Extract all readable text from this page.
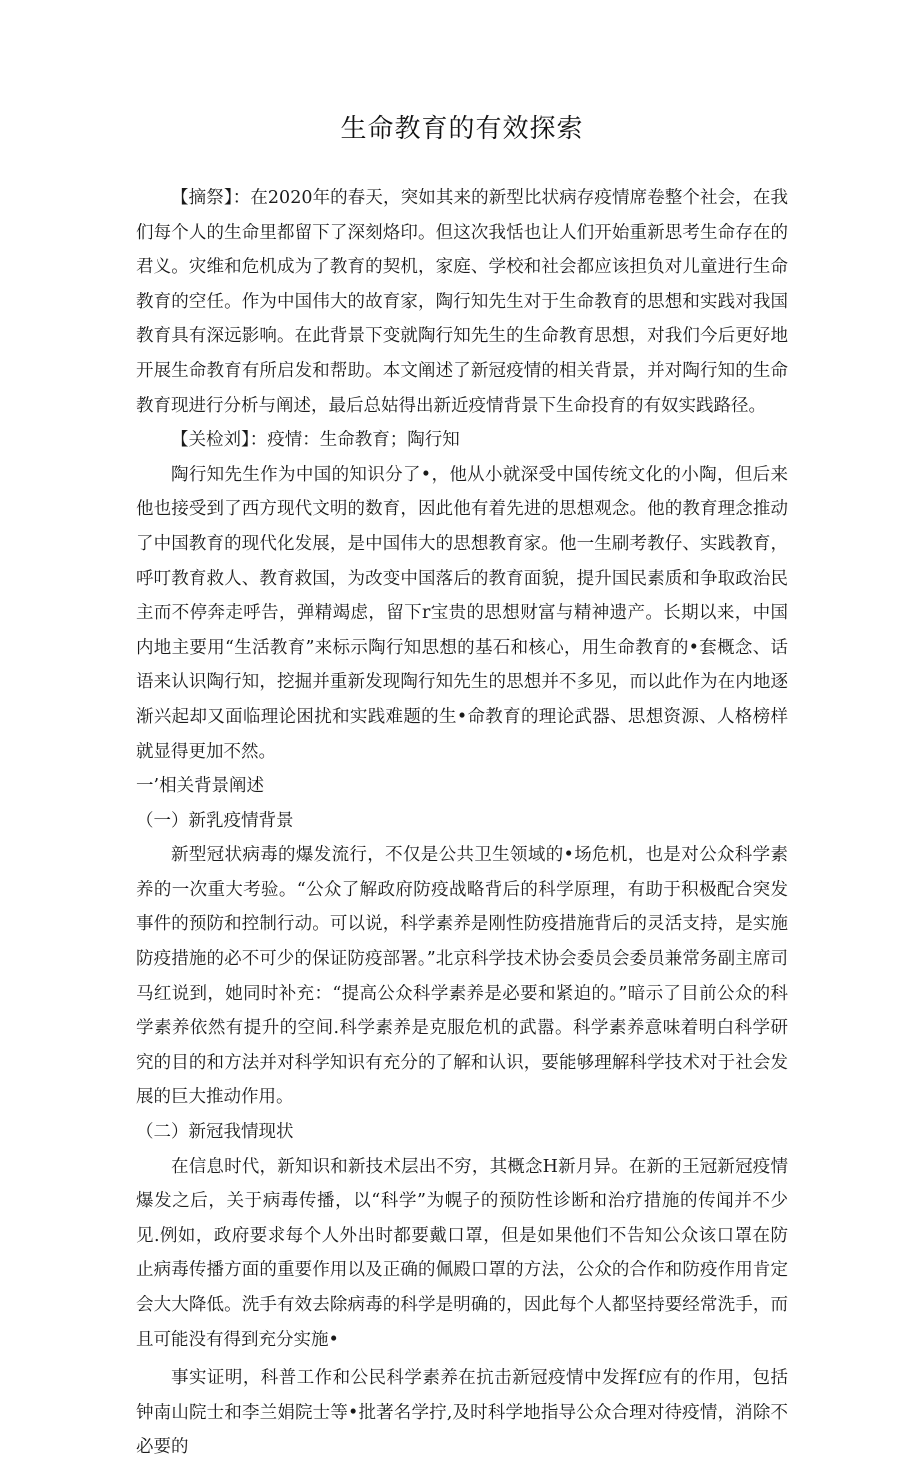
生命教育的有效探索

【摘祭】：在2020年的春天，突如其来的新型比状病存疫情席卷整个社会，在我们每个人的生命里都留下了深刻烙印。但这次我恬也让人们开始重新思考生命存在的君义。灾维和危机成为了教育的契机，家庭、学校和社会都应该担负对儿童进行生命教育的空任。作为中国伟大的故育家，陶行知先生对于生命教育的思想和实践对我国教育具有深远影响。在此背景下变就陶行知先生的生命教育思想，对我们今后更好地开展生命教育有所启发和帮助。本文阐述了新冠疫情的相关背景，并对陶行知的生命教育现进行分析与阐述，最后总姑得出新近疫情背景下生命投育的有奴实践路径。

【关检刘】：疫情：生命教育；陶行知

陶行知先生作为中国的知识分了•，他从小就深受中国传统文化的小陶，但后来他也接受到了西方现代文明的数育，因此他有着先进的思想观念。他的教育理念推动了中国教育的现代化发展，是中国伟大的思想教育家。他一生刷考教仔、实践教育，呼叮教育救人、教育救国，为改变中国落后的教育面貌，提升国民素质和争取政治民主而不停奔走呼告，弹精竭虑，留下r宝贵的思想财富与精神遗产。长期以来，中国内地主要用“生活教育”来标示陶行知思想的基石和核心，用生命教育的•套概念、话语来认识陶行知，挖掘并重新发现陶行知先生的思想并不多见，而以此作为在内地逐渐兴起却又面临理论困扰和实践难题的生•命教育的理论武器、思想资源、人格榜样就显得更加不然。

一’相关背景阐述

（一）新乳疫情背景

新型冠状病毒的爆发流行，不仅是公共卫生领域的•场危机，也是对公众科学素养的一次重大考验。“公众了解政府防疫战略背后的科学原理，有助于积极配合突发事件的预防和控制行动。可以说，科学素养是刚性防疫措施背后的灵活支持，是实施防疫措施的必不可少的保证防疫部署。”北京科学技术协会委员会委员兼常务副主席司马红说到，她同时补充：“提高公众科学素养是必要和紧迫的。”暗示了目前公众的科学素养依然有提升的空间.科学素养是克服危机的武嚣。科学素养意味着明白科学研究的目的和方法并对科学知识有充分的了解和认识，要能够理解科学技术对于社会发展的巨大推动作用。

（二）新冠我情现状

在信息时代，新知识和新技术层出不穷，其概念H新月异。在新的王冠新冠疫情爆发之后，关于病毒传播，以“科学”为幌子的预防性诊断和治疗措施的传闻并不少见.例如，政府要求每个人外出时都要戴口罩，但是如果他们不告知公众该口罩在防止病毒传播方面的重要作用以及正确的佩殿口罩的方法，公众的合作和防疫作用肯定会大大降低。洗手有效去除病毒的科学是明确的，因此每个人都坚持要经常洗手，而且可能没有得到充分实施•

事实证明，科普工作和公民科学素养在抗击新冠疫情中发挥f应有的作用，包括钟南山院士和李兰娟院士等•批著名学拧,及时科学地指导公众合理对待疫情，消除不必要的
